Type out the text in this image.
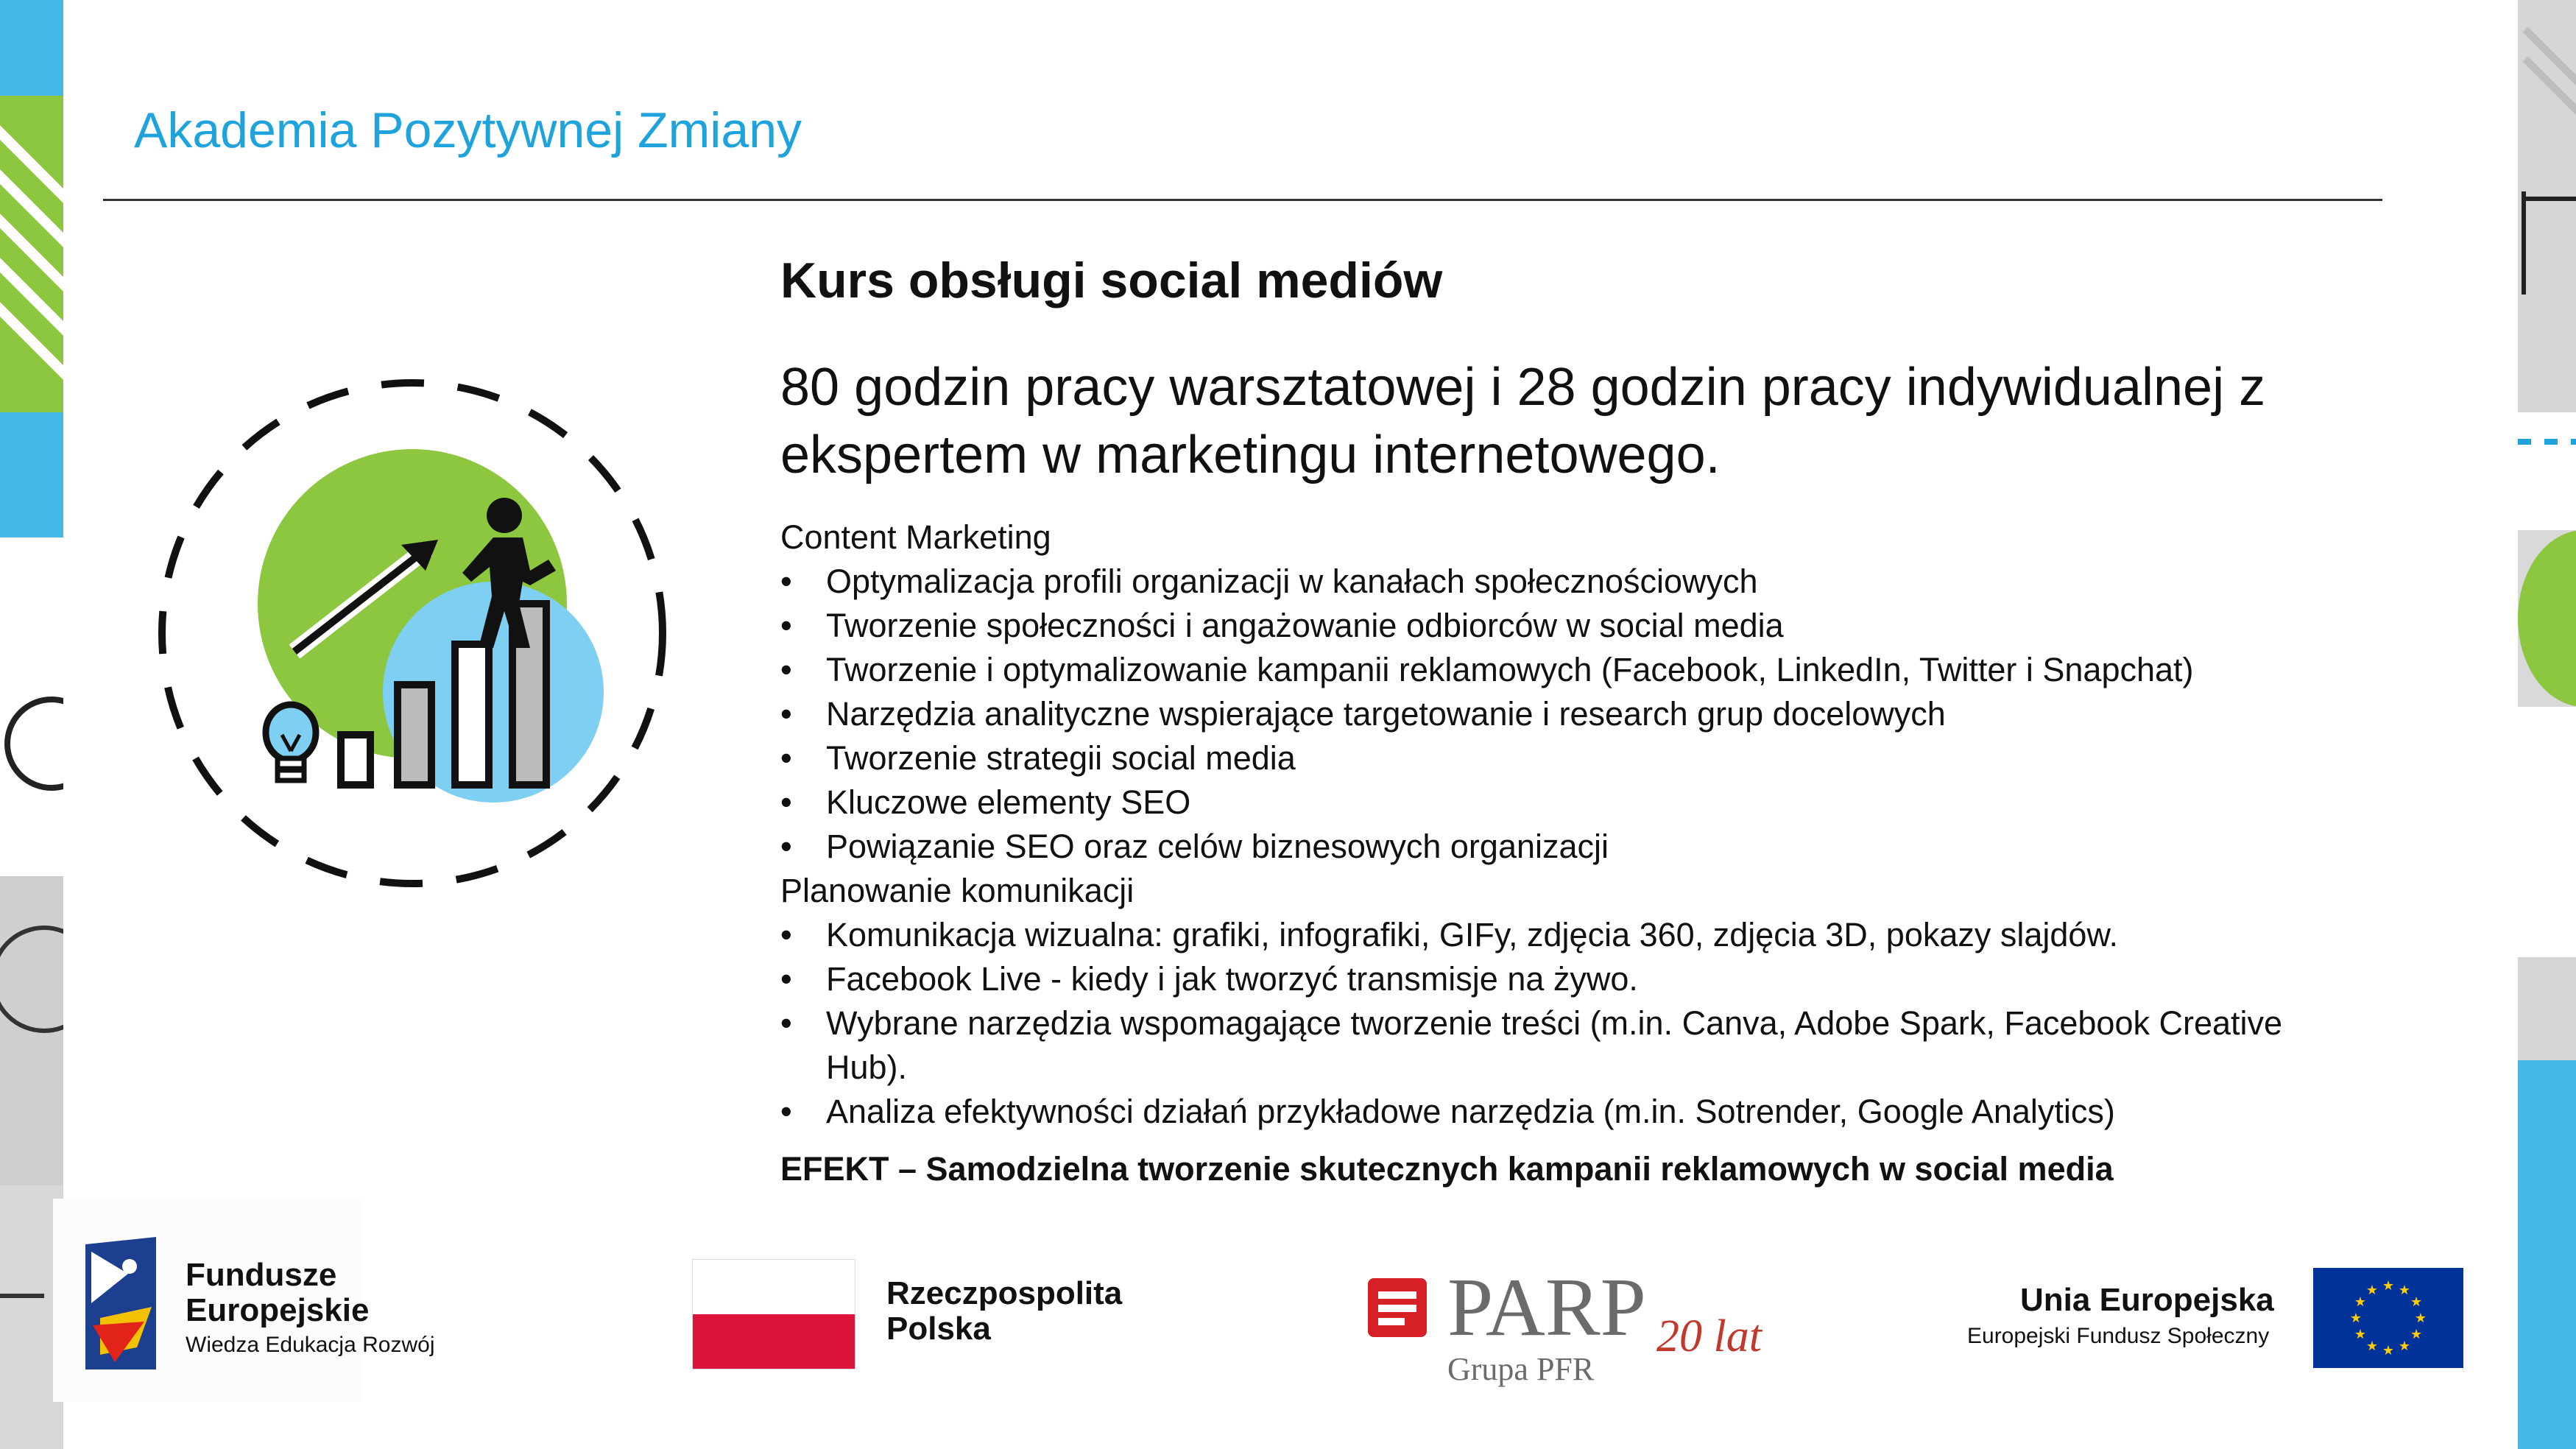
Akademia Pozytywnej Zmiany
Kurs obsługi social mediów
80 godzin pracy warsztatowej i 28 godzin pracy indywidualnej z ekspertem w marketingu internetowego.

Content Marketing

• Optymalizacja profili organizacji w kanałach społecznościowych
• Tworzenie społeczności i angażowanie odbiorców w social media
• Tworzenie i optymalizowanie kampanii reklamowych (Facebook, LinkedIn, Twitter i Snapchat)
• Narzędzia analityczne wspierające targetowanie i research grup docelowych
• Tworzenie strategii social media
• Kluczowe elementy SEO
• Powiązanie SEO oraz celów biznesowych organizacji

Planowanie komunikacji

• Komunikacja wizualna: grafiki, infografiki, GIFy, zdjęcia 360, zdjęcia 3D, pokazy slajdów.
• Facebook Live - kiedy i jak tworzyć transmisje na żywo.
• Wybrane narzędzia wspomagające tworzenie treści (m.in. Canva, Adobe Spark, Facebook Creative Hub).
• Analiza efektywności działań przykładowe narzędzia (m.in. Sotrender, Google Analytics)
EFEKT – Samodzielna tworzenie skutecznych kampanii reklamowych w social media
Fundusze
Europejskie
Wiedza Edukacja Rozwój
Rzeczpospolita
Polska	PARP 20 lat
Grupa PFR
Unia Europejska
Europejski Fundusz Społeczny
★ ★
★
★
★
★
★
★
★
★
★
★
